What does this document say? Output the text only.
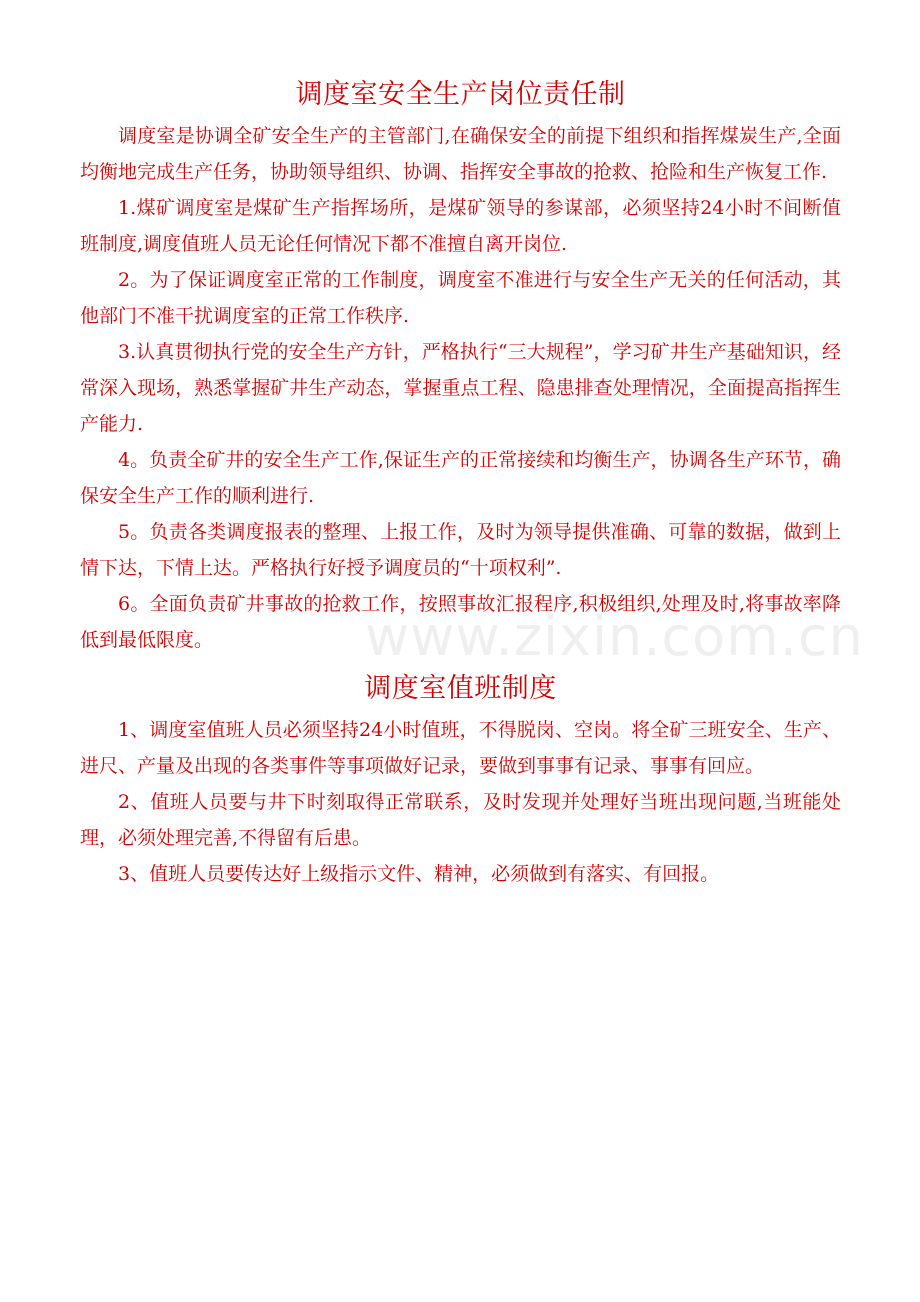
调度室安全生产岗位责任制

调度室是协调全矿安全生产的主管部门,在确保安全的前提下组织和指挥煤炭生产,全面均衡地完成生产任务，协助领导组织、协调、指挥安全事故的抢救、抢险和生产恢复工作.

1.煤矿调度室是煤矿生产指挥场所，是煤矿领导的参谋部，必须坚持24小时不间断值班制度,调度值班人员无论任何情况下都不准擅自离开岗位.

2。为了保证调度室正常的工作制度，调度室不准进行与安全生产无关的任何活动，其他部门不准干扰调度室的正常工作秩序.

3.认真贯彻执行党的安全生产方针，严格执行“三大规程”，学习矿井生产基础知识，经常深入现场，熟悉掌握矿井生产动态，掌握重点工程、隐患排查处理情况，全面提高指挥生产能力.

4。负责全矿井的安全生产工作,保证生产的正常接续和均衡生产，协调各生产环节，确保安全生产工作的顺利进行.

5。负责各类调度报表的整理、上报工作，及时为领导提供准确、可靠的数据，做到上情下达，下情上达。严格执行好授予调度员的“十项权利”.

6。全面负责矿井事故的抢救工作，按照事故汇报程序,积极组织,处理及时,将事故率降低到最低限度。

调度室值班制度

1、调度室值班人员必须坚持24小时值班，不得脱岗、空岗。将全矿三班安全、生产、进尺、产量及出现的各类事件等事项做好记录，要做到事事有记录、事事有回应。

2、值班人员要与井下时刻取得正常联系，及时发现并处理好当班出现问题,当班能处理，必须处理完善,不得留有后患。

3、值班人员要传达好上级指示文件、精神，必须做到有落实、有回报。

www.zixin.com.cn
